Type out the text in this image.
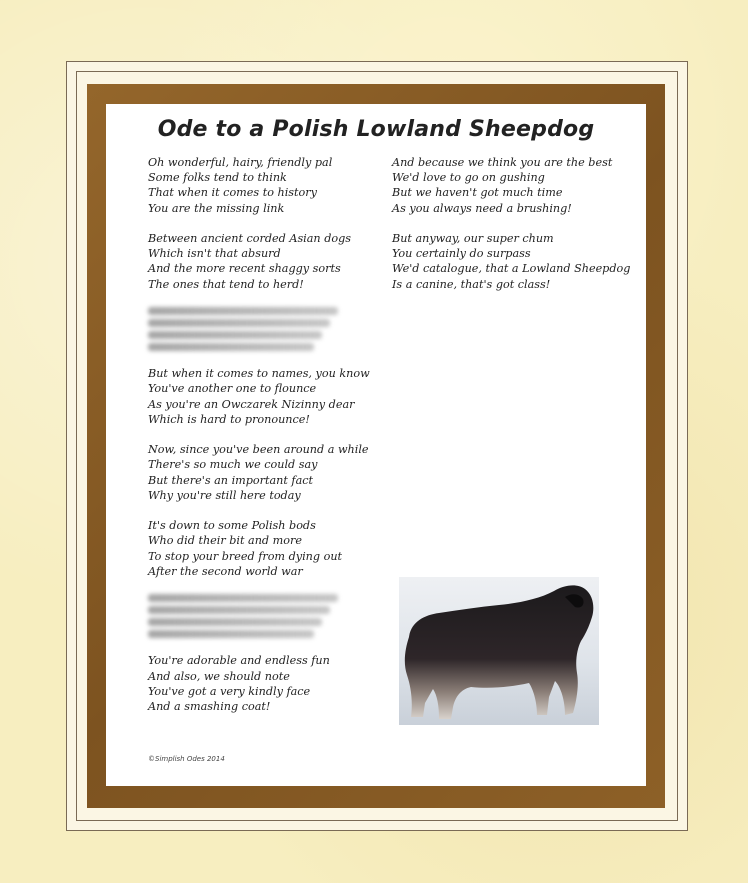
Ode to a Polish Lowland Sheepdog
Oh wonderful, hairy, friendly pal
Some folks tend to think
That when it comes to history
You are the missing link
Between ancient corded Asian dogs
Which isn't that absurd
And the more recent shaggy sorts
The ones that tend to herd!

But when it comes to names, you know
You've another one to flounce
As you're an Owczarek Nizinny dear
Which is hard to pronounce!
Now, since you've been around a while
There's so much we could say
But there's an important fact
Why you're still here today
It's down to some Polish bods
Who did their bit and more
To stop your breed from dying out
After the second world war

You're adorable and endless fun
And also, we should note
You've got a very kindly face
And a smashing coat!
And because we think you are the best
We'd love to go on gushing
But we haven't got much time
As you always need a brushing!
But anyway, our super chum
You certainly do surpass
We'd catalogue, that a Lowland Sheepdog
Is a canine, that's got class!
©Simplish Odes 2014
